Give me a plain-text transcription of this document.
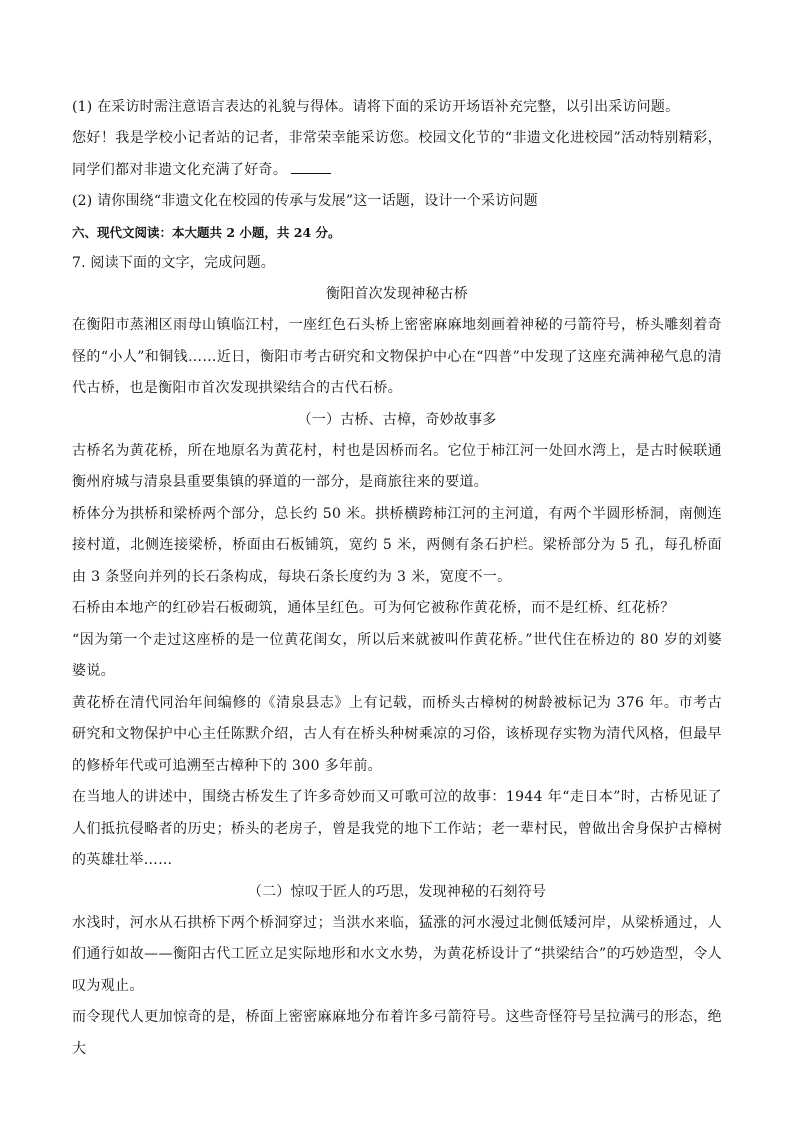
(1) 在采访时需注意语言表达的礼貌与得体。请将下面的采访开场语补充完整，以引出采访问题。

您好！我是学校小记者站的记者，非常荣幸能采访您。校园文化节的“非遗文化进校园”活动特别精彩，同学们都对非遗文化充满了好奇。

(2) 请你围绕“非遗文化在校园的传承与发展”这一话题，设计一个采访问题

六、现代文阅读：本大题共 2 小题，共 24 分。

7. 阅读下面的文字，完成问题。

衡阳首次发现神秘古桥

在衡阳市蒸湘区雨母山镇临江村，一座红色石头桥上密密麻麻地刻画着神秘的弓箭符号，桥头雕刻着奇怪的“小人”和铜钱……近日，衡阳市考古研究和文物保护中心在“四普”中发现了这座充满神秘气息的清代古桥，也是衡阳市首次发现拱梁结合的古代石桥。

（一）古桥、古樟，奇妙故事多

古桥名为黄花桥，所在地原名为黄花村，村也是因桥而名。它位于柿江河一处回水湾上，是古时候联通衡州府城与清泉县重要集镇的驿道的一部分，是商旅往来的要道。

桥体分为拱桥和梁桥两个部分，总长约 50 米。拱桥横跨柿江河的主河道，有两个半圆形桥洞，南侧连接村道，北侧连接梁桥，桥面由石板铺筑，宽约 5 米，两侧有条石护栏。梁桥部分为 5 孔，每孔桥面由 3 条竖向并列的长石条构成，每块石条长度约为 3 米，宽度不一。

石桥由本地产的红砂岩石板砌筑，通体呈红色。可为何它被称作黄花桥，而不是红桥、红花桥？

“因为第一个走过这座桥的是一位黄花闺女，所以后来就被叫作黄花桥。”世代住在桥边的 80 岁的刘婆婆说。

黄花桥在清代同治年间编修的《清泉县志》上有记载，而桥头古樟树的树龄被标记为 376 年。市考古研究和文物保护中心主任陈默介绍，古人有在桥头种树乘凉的习俗，该桥现存实物为清代风格，但最早的修桥年代或可追溯至古樟种下的 300 多年前。

在当地人的讲述中，围绕古桥发生了许多奇妙而又可歌可泣的故事：1944 年“走日本”时，古桥见证了人们抵抗侵略者的历史；桥头的老房子，曾是我党的地下工作站；老一辈村民，曾做出舍身保护古樟树的英雄壮举……

（二）惊叹于匠人的巧思，发现神秘的石刻符号

水浅时，河水从石拱桥下两个桥洞穿过；当洪水来临，猛涨的河水漫过北侧低矮河岸，从梁桥通过，人们通行如故——衡阳古代工匠立足实际地形和水文水势，为黄花桥设计了“拱梁结合”的巧妙造型，令人叹为观止。

而令现代人更加惊奇的是，桥面上密密麻麻地分布着许多弓箭符号。这些奇怪符号呈拉满弓的形态，绝大
